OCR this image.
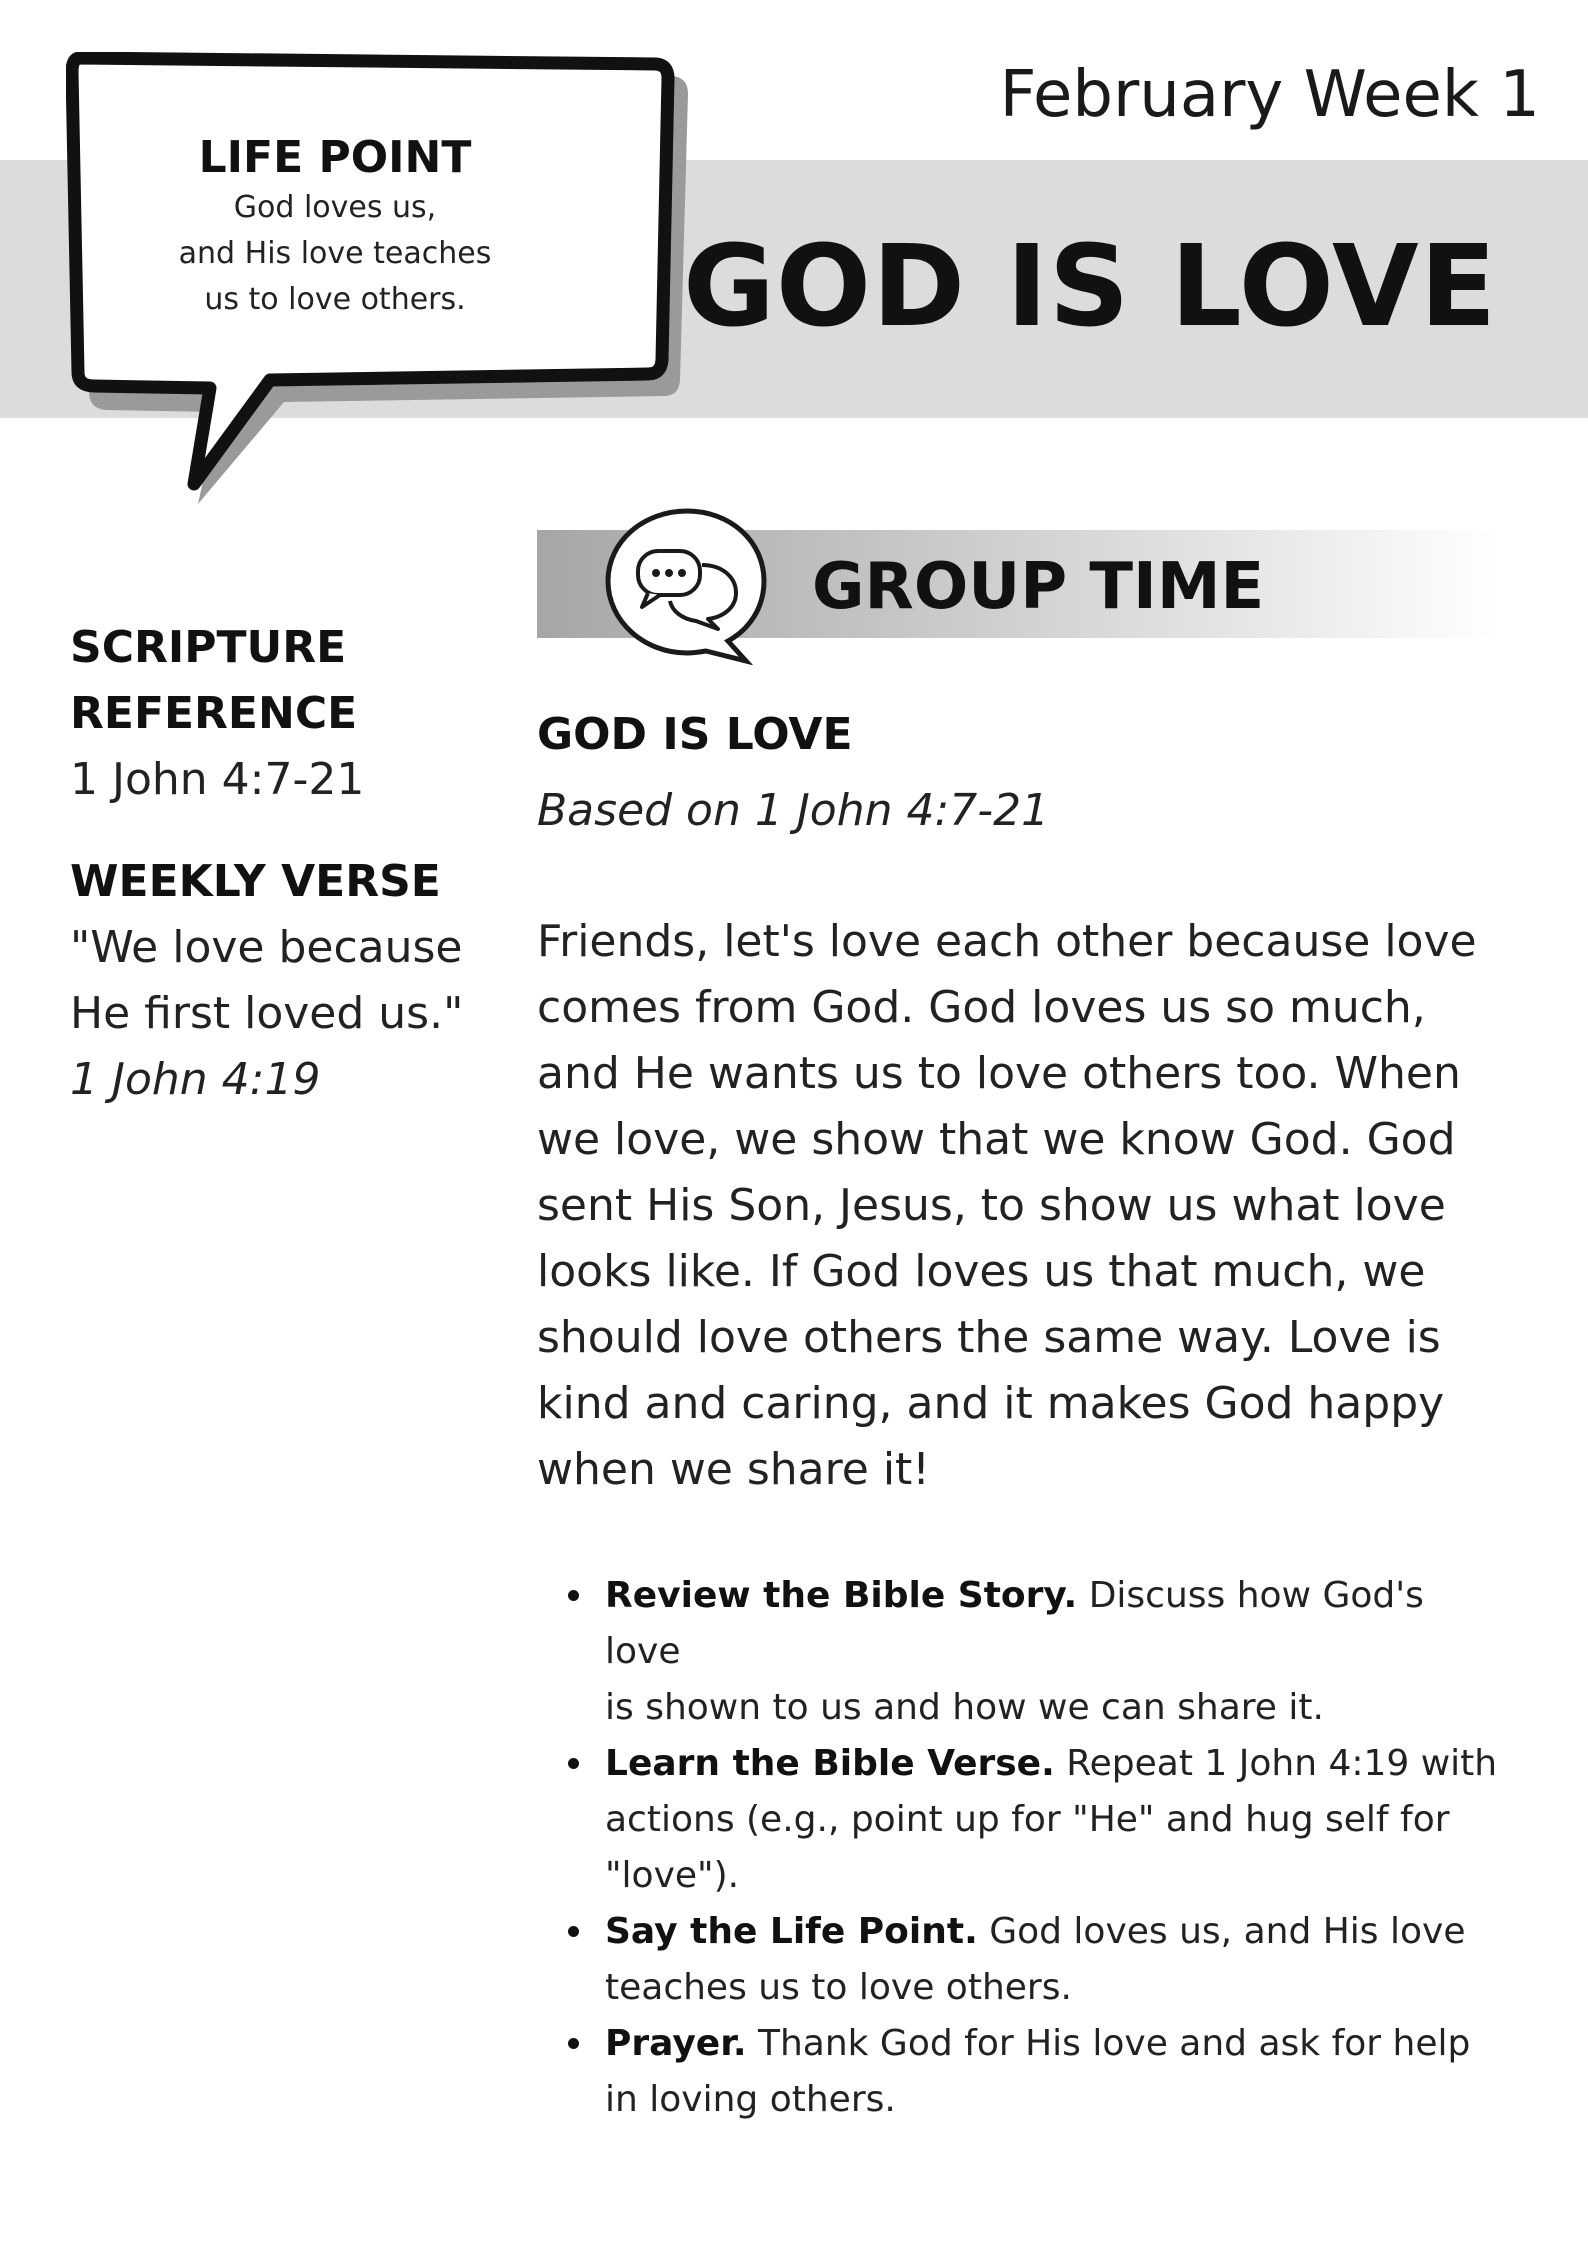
February Week 1
GOD IS LOVE
LIFE POINT
God loves us,
and His love teaches
us to love others.
SCRIPTURE
REFERENCE
1 John 4:7-21
WEEKLY VERSE
"We love because
He first loved us."
1 John 4:19
GROUP TIME
GOD IS LOVE
Based on 1 John 4:7-21
Friends, let's love each other because love
comes from God. God loves us so much,
and He wants us to love others too. When
we love, we show that we know God. God
sent His Son, Jesus, to show us what love
looks like. If God loves us that much, we
should love others the same way. Love is
kind and caring, and it makes God happy
when we share it!
Review the Bible Story. Discuss how God's love
is shown to us and how we can share it.
Learn the Bible Verse. Repeat 1 John 4:19 with
actions (e.g., point up for "He" and hug self for
"love").
Say the Life Point. God loves us, and His love
teaches us to love others.
Prayer. Thank God for His love and ask for help
in loving others.
